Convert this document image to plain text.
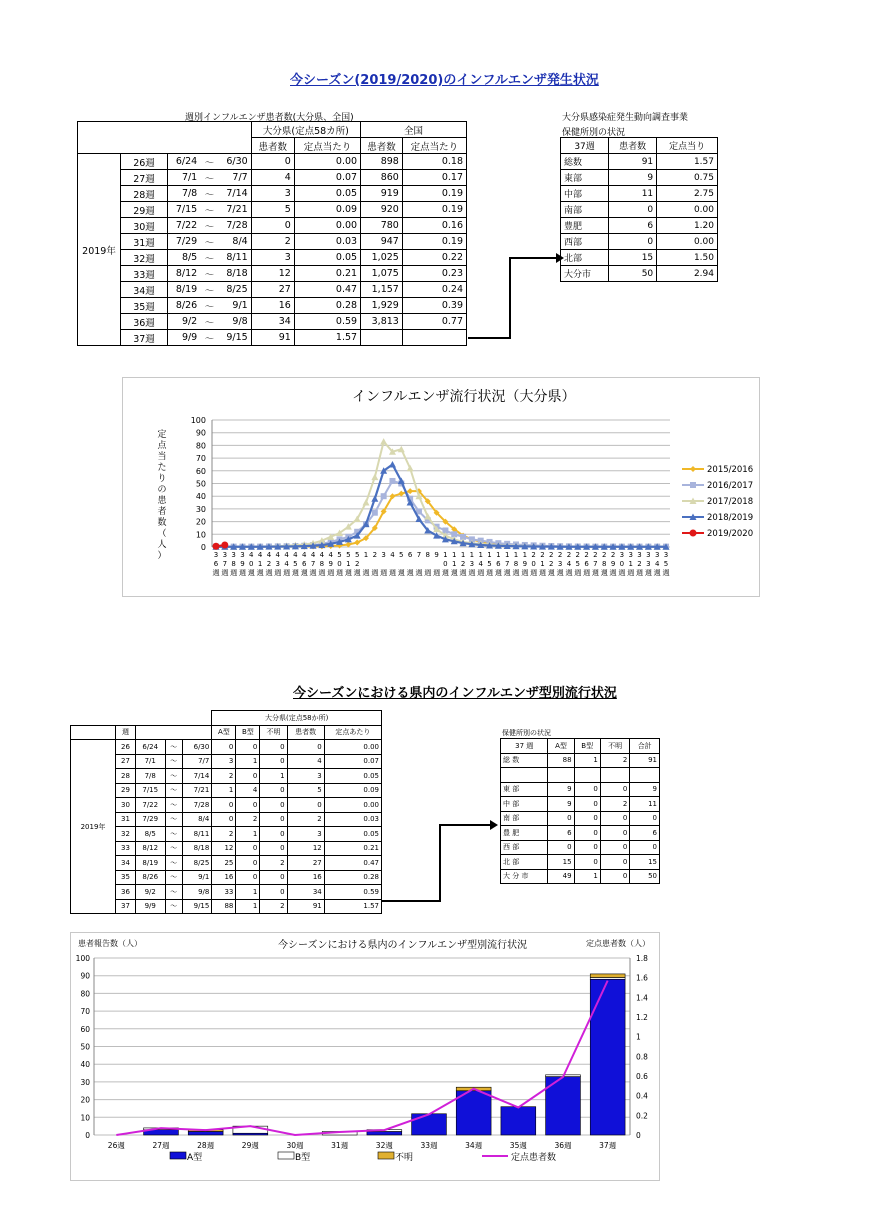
今シーズン(2019/2020)のインフルエンザ発生状況
週別インフルエンザ患者数(大分県、全国)
					大分県(定点58カ所)		全国	
					患者数	定点当たり	患者数	定点当たり
2019年	26週	6/24	～	6/30	0	0.00	898	0.18
	27週	7/1	～	7/7	4	0.07	860	0.17
	28週	7/8	～	7/14	3	0.05	919	0.19
	29週	7/15	～	7/21	5	0.09	920	0.19
	30週	7/22	～	7/28	0	0.00	780	0.16
	31週	7/29	～	8/4	2	0.03	947	0.19
	32週	8/5	～	8/11	3	0.05	1,025	0.22
	33週	8/12	～	8/18	12	0.21	1,075	0.23
	34週	8/19	～	8/25	27	0.47	1,157	0.24
	35週	8/26	～	9/1	16	0.28	1,929	0.39
	36週	9/2	～	9/8	34	0.59	3,813	0.77
	37週	9/9	～	9/15	91	1.57		
大分県感染症発生動向調査事業
保健所別の状況
37週	患者数	定点当り
総数	91	1.57
東部	9	0.75
中部	11	2.75
南部	0	0.00
豊肥	6	1.20
西部	0	0.00
北部	15	1.50
大分市	50	2.94
インフルエンザ流行状況（大分県）
0
10
20
30
40
50
60
70
80
90
100
定
点
当
た
り
の
患
者
数
（
人
）	3 6 週
3 7 週
3 8 週
3 9 週
4 0 週
4 1 週
4 2 週
4 3 週
4 4 週
4 5 週
4 6 週
4 7 週
4 8 週
4 9 週
5 0 週
5 1 週
5 2 週
1 週
2 週
3 週
4 週
5 週
6 週
7 週
8 週
9 週
1 0 週
1 1 週
1 2 週
1 3 週
1 4 週
1 5 週
1 6 週
1 7 週
1 8 週
1 9 週
2 0 週
2 1 週
2 2 週
2 3 週
2 4 週
2 5 週
2 6 週
2 7 週
2 8 週
2 9 週
3 0 週
3 1 週
3 2 週
3 3 週
3 4 週
3 5 週
2015/2016
2016/2017
2017/2018
2018/2019
2019/2020
今シーズンにおける県内のインフルエンザ型別流行状況
					大分県(定点58か所)				
	週				A型	B型	不明	患者数	定点あたり
2019年	26	6/24	～	6/30	0	0	0	0	0.00
	27	7/1	～	7/7	3	1	0	4	0.07
	28	7/8	～	7/14	2	0	1	3	0.05
	29	7/15	～	7/21	1	4	0	5	0.09
	30	7/22	～	7/28	0	0	0	0	0.00
	31	7/29	～	8/4	0	2	0	2	0.03
	32	8/5	～	8/11	2	1	0	3	0.05
	33	8/12	～	8/18	12	0	0	12	0.21
	34	8/19	～	8/25	25	0	2	27	0.47
	35	8/26	～	9/1	16	0	0	16	0.28
	36	9/2	～	9/8	33	1	0	34	0.59
	37	9/9	～	9/15	88	1	2	91	1.57
保健所別の状況
37 週	A型	B型	不明	合計
総 数	88	1	2	91

東 部	9	0	0	9
中 部	9	0	2	11
南 部	0	0	0	0
豊 肥	6	0	0	6
西 部	0	0	0	0
北 部	15	0	0	15
大 分 市	49	1	0	50
今シーズンにおける県内のインフルエンザ型別流行状況
患者報告数（人）	定点患者数（人）
0
10
20
30
40
50
60
70
80
90
100
0
0.2
0.4
0.6
0.8
1
1.2
1.4
1.6
1.8
26週	27週	28週	29週	30週	31週	32週	33週	34週	35週	36週	37週
A型	B型	不明	定点患者数
